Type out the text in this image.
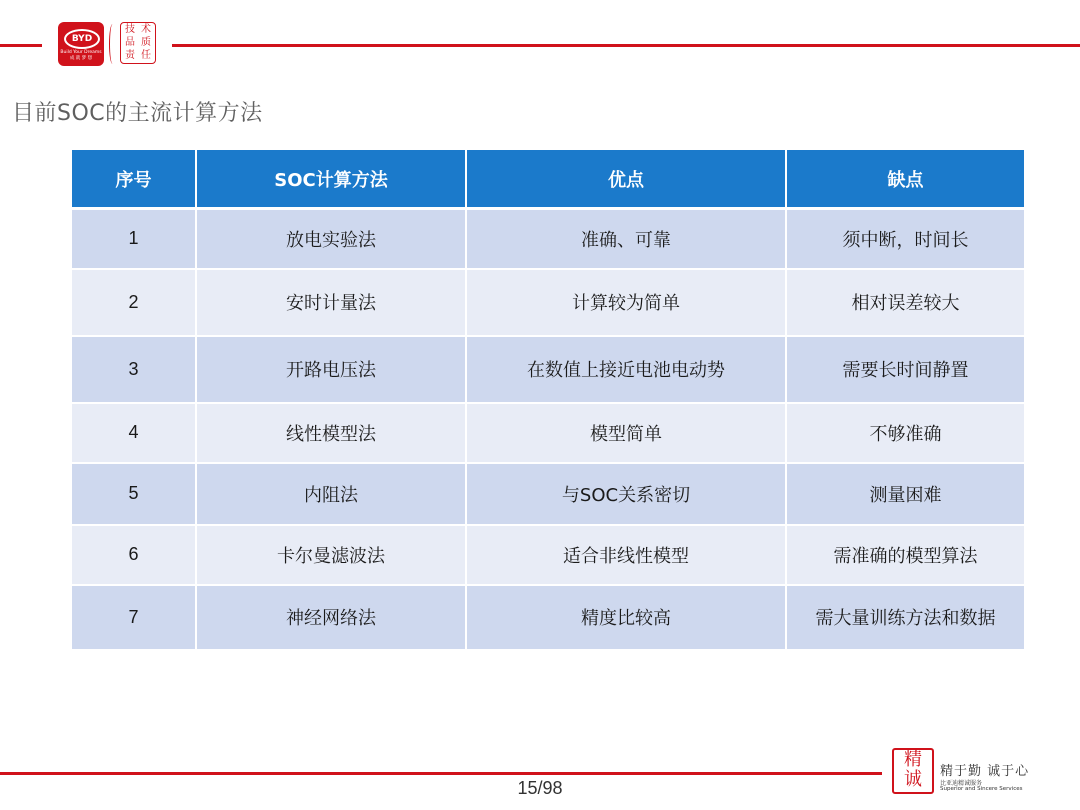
BYD
Build Your Dreams
成 就 梦 想
技 术
品 质
责 任
目前SOC的主流计算方法
序号	SOC计算方法	优点	缺点
1	放电实验法	准确、可靠	须中断，时间长
2	安时计量法	计算较为简单	相对误差较大
3	开路电压法	在数值上接近电池电动势	需要长时间静置
4	线性模型法	模型简单	不够准确
5	内阻法	与SOC关系密切	测量困难
6	卡尔曼滤波法	适合非线性模型	需准确的模型算法
7	神经网络法	精度比较高	需大量训练方法和数据
15/98
精
诚	精于勤 诚于心
比亚迪精诚服务
Superior and Sincere Services
